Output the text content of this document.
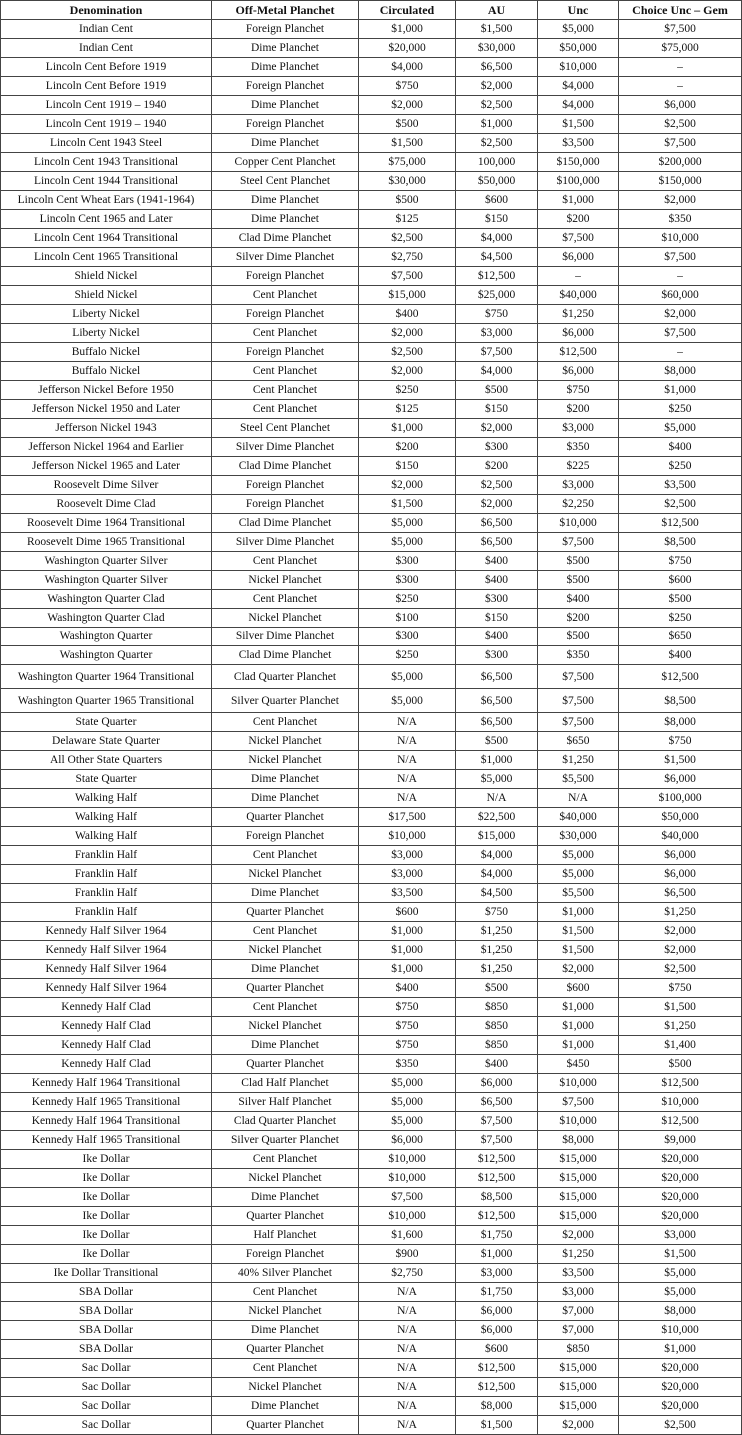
Denomination	Off-Metal Planchet	Circulated	AU	Unc	Choice Unc – Gem
Indian Cent	Foreign Planchet	$1,000	$1,500	$5,000	$7,500
Indian Cent	Dime Planchet	$20,000	$30,000	$50,000	$75,000
Lincoln Cent Before 1919	Dime Planchet	$4,000	$6,500	$10,000	–
Lincoln Cent Before 1919	Foreign Planchet	$750	$2,000	$4,000	–
Lincoln Cent 1919 – 1940	Dime Planchet	$2,000	$2,500	$4,000	$6,000
Lincoln Cent 1919 – 1940	Foreign Planchet	$500	$1,000	$1,500	$2,500
Lincoln Cent 1943 Steel	Dime Planchet	$1,500	$2,500	$3,500	$7,500
Lincoln Cent 1943 Transitional	Copper Cent Planchet	$75,000	100,000	$150,000	$200,000
Lincoln Cent 1944 Transitional	Steel Cent Planchet	$30,000	$50,000	$100,000	$150,000
Lincoln Cent Wheat Ears (1941-1964)	Dime Planchet	$500	$600	$1,000	$2,000
Lincoln Cent 1965 and Later	Dime Planchet	$125	$150	$200	$350
Lincoln Cent 1964 Transitional	Clad Dime Planchet	$2,500	$4,000	$7,500	$10,000
Lincoln Cent 1965 Transitional	Silver Dime Planchet	$2,750	$4,500	$6,000	$7,500
Shield Nickel	Foreign Planchet	$7,500	$12,500	–	–
Shield Nickel	Cent Planchet	$15,000	$25,000	$40,000	$60,000
Liberty Nickel	Foreign Planchet	$400	$750	$1,250	$2,000
Liberty Nickel	Cent Planchet	$2,000	$3,000	$6,000	$7,500
Buffalo Nickel	Foreign Planchet	$2,500	$7,500	$12,500	–
Buffalo Nickel	Cent Planchet	$2,000	$4,000	$6,000	$8,000
Jefferson Nickel Before 1950	Cent Planchet	$250	$500	$750	$1,000
Jefferson Nickel 1950 and Later	Cent Planchet	$125	$150	$200	$250
Jefferson Nickel 1943	Steel Cent Planchet	$1,000	$2,000	$3,000	$5,000
Jefferson Nickel 1964 and Earlier	Silver Dime Planchet	$200	$300	$350	$400
Jefferson Nickel 1965 and Later	Clad Dime Planchet	$150	$200	$225	$250
Roosevelt Dime Silver	Foreign Planchet	$2,000	$2,500	$3,000	$3,500
Roosevelt Dime Clad	Foreign Planchet	$1,500	$2,000	$2,250	$2,500
Roosevelt Dime 1964 Transitional	Clad Dime Planchet	$5,000	$6,500	$10,000	$12,500
Roosevelt Dime 1965 Transitional	Silver Dime Planchet	$5,000	$6,500	$7,500	$8,500
Washington Quarter Silver	Cent Planchet	$300	$400	$500	$750
Washington Quarter Silver	Nickel Planchet	$300	$400	$500	$600
Washington Quarter Clad	Cent Planchet	$250	$300	$400	$500
Washington Quarter Clad	Nickel Planchet	$100	$150	$200	$250
Washington Quarter	Silver Dime Planchet	$300	$400	$500	$650
Washington Quarter	Clad Dime Planchet	$250	$300	$350	$400
Washington Quarter 1964 Transitional	Clad Quarter Planchet	$5,000	$6,500	$7,500	$12,500
Washington Quarter 1965 Transitional	Silver Quarter Planchet	$5,000	$6,500	$7,500	$8,500
State Quarter	Cent Planchet	N/A	$6,500	$7,500	$8,000
Delaware State Quarter	Nickel Planchet	N/A	$500	$650	$750
All Other State Quarters	Nickel Planchet	N/A	$1,000	$1,250	$1,500
State Quarter	Dime Planchet	N/A	$5,000	$5,500	$6,000
Walking Half	Dime Planchet	N/A	N/A	N/A	$100,000
Walking Half	Quarter Planchet	$17,500	$22,500	$40,000	$50,000
Walking Half	Foreign Planchet	$10,000	$15,000	$30,000	$40,000
Franklin Half	Cent Planchet	$3,000	$4,000	$5,000	$6,000
Franklin Half	Nickel Planchet	$3,000	$4,000	$5,000	$6,000
Franklin Half	Dime Planchet	$3,500	$4,500	$5,500	$6,500
Franklin Half	Quarter Planchet	$600	$750	$1,000	$1,250
Kennedy Half Silver 1964	Cent Planchet	$1,000	$1,250	$1,500	$2,000
Kennedy Half Silver 1964	Nickel Planchet	$1,000	$1,250	$1,500	$2,000
Kennedy Half Silver 1964	Dime Planchet	$1,000	$1,250	$2,000	$2,500
Kennedy Half Silver 1964	Quarter Planchet	$400	$500	$600	$750
Kennedy Half Clad	Cent Planchet	$750	$850	$1,000	$1,500
Kennedy Half Clad	Nickel Planchet	$750	$850	$1,000	$1,250
Kennedy Half Clad	Dime Planchet	$750	$850	$1,000	$1,400
Kennedy Half Clad	Quarter Planchet	$350	$400	$450	$500
Kennedy Half 1964 Transitional	Clad Half Planchet	$5,000	$6,000	$10,000	$12,500
Kennedy Half 1965 Transitional	Silver Half Planchet	$5,000	$6,500	$7,500	$10,000
Kennedy Half 1964 Transitional	Clad Quarter Planchet	$5,000	$7,500	$10,000	$12,500
Kennedy Half 1965 Transitional	Silver Quarter Planchet	$6,000	$7,500	$8,000	$9,000
Ike Dollar	Cent Planchet	$10,000	$12,500	$15,000	$20,000
Ike Dollar	Nickel Planchet	$10,000	$12,500	$15,000	$20,000
Ike Dollar	Dime Planchet	$7,500	$8,500	$15,000	$20,000
Ike Dollar	Quarter Planchet	$10,000	$12,500	$15,000	$20,000
Ike Dollar	Half Planchet	$1,600	$1,750	$2,000	$3,000
Ike Dollar	Foreign Planchet	$900	$1,000	$1,250	$1,500
Ike Dollar Transitional	40% Silver Planchet	$2,750	$3,000	$3,500	$5,000
SBA Dollar	Cent Planchet	N/A	$1,750	$3,000	$5,000
SBA Dollar	Nickel Planchet	N/A	$6,000	$7,000	$8,000
SBA Dollar	Dime Planchet	N/A	$6,000	$7,000	$10,000
SBA Dollar	Quarter Planchet	N/A	$600	$850	$1,000
Sac Dollar	Cent Planchet	N/A	$12,500	$15,000	$20,000
Sac Dollar	Nickel Planchet	N/A	$12,500	$15,000	$20,000
Sac Dollar	Dime Planchet	N/A	$8,000	$15,000	$20,000
Sac Dollar	Quarter Planchet	N/A	$1,500	$2,000	$2,500
